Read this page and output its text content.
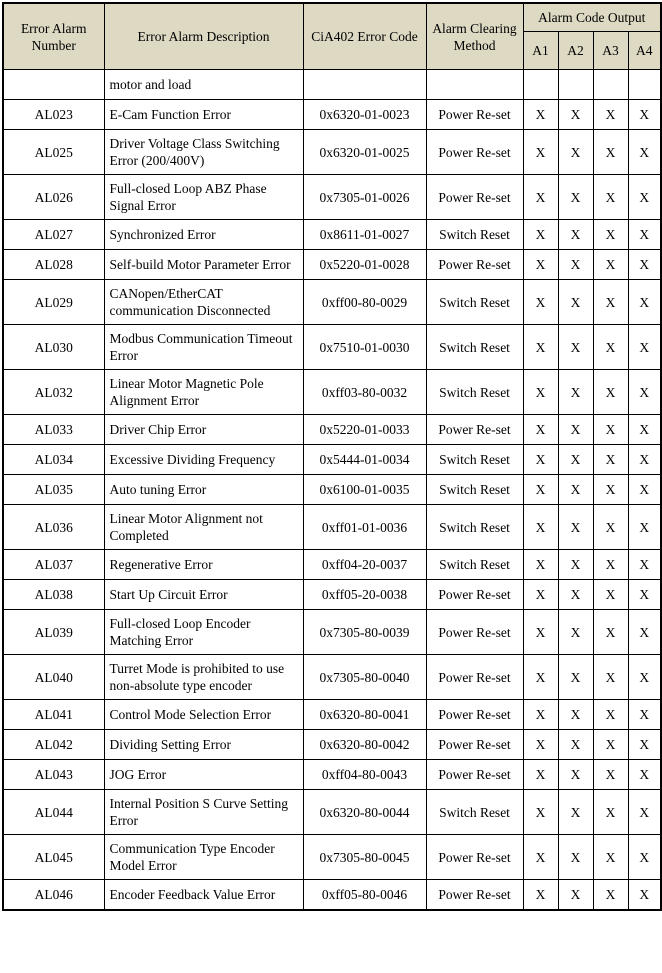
Error Alarm Number	Error Alarm Description	CiA402 Error Code	Alarm Clearing Method	Alarm Code Output			
				A1	A2	A3	A4
	motor and load						
AL023	E-Cam Function Error	0x6320-01-0023	Power Re-set	X	X	X	X
AL025	Driver Voltage Class Switching Error (200/400V)	0x6320-01-0025	Power Re-set	X	X	X	X
AL026	Full-closed Loop ABZ Phase Signal Error	0x7305-01-0026	Power Re-set	X	X	X	X
AL027	Synchronized Error	0x8611-01-0027	Switch Reset	X	X	X	X
AL028	Self-build Motor Parameter Error	0x5220-01-0028	Power Re-set	X	X	X	X
AL029	CANopen/EtherCAT communication Disconnected	0xff00-80-0029	Switch Reset	X	X	X	X
AL030	Modbus Communication Timeout Error	0x7510-01-0030	Switch Reset	X	X	X	X
AL032	Linear Motor Magnetic Pole Alignment Error	0xff03-80-0032	Switch Reset	X	X	X	X
AL033	Driver Chip Error	0x5220-01-0033	Power Re-set	X	X	X	X
AL034	Excessive Dividing Frequency	0x5444-01-0034	Switch Reset	X	X	X	X
AL035	Auto tuning Error	0x6100-01-0035	Switch Reset	X	X	X	X
AL036	Linear Motor Alignment not Completed	0xff01-01-0036	Switch Reset	X	X	X	X
AL037	Regenerative Error	0xff04-20-0037	Switch Reset	X	X	X	X
AL038	Start Up Circuit Error	0xff05-20-0038	Power Re-set	X	X	X	X
AL039	Full-closed Loop Encoder Matching Error	0x7305-80-0039	Power Re-set	X	X	X	X
AL040	Turret Mode is prohibited to use non-absolute type encoder	0x7305-80-0040	Power Re-set	X	X	X	X
AL041	Control Mode Selection Error	0x6320-80-0041	Power Re-set	X	X	X	X
AL042	Dividing Setting Error	0x6320-80-0042	Power Re-set	X	X	X	X
AL043	JOG Error	0xff04-80-0043	Power Re-set	X	X	X	X
AL044	Internal Position S Curve Setting Error	0x6320-80-0044	Switch Reset	X	X	X	X
AL045	Communication Type Encoder Model Error	0x7305-80-0045	Power Re-set	X	X	X	X
AL046	Encoder Feedback Value Error	0xff05-80-0046	Power Re-set	X	X	X	X
